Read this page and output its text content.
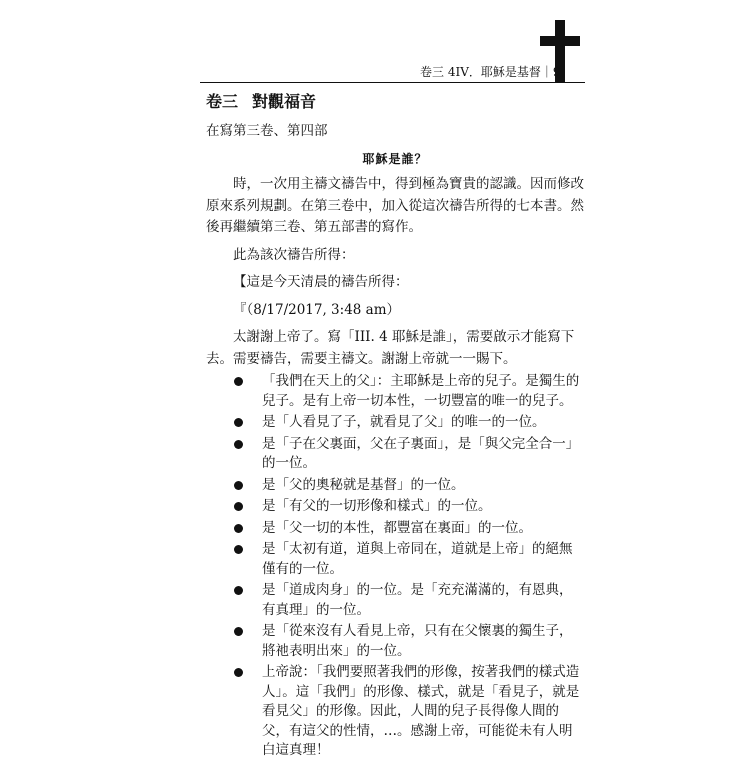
卷三 4IV．耶穌是基督｜9
卷三 對觀福音
在寫第三卷、第四部
耶穌是誰？

時，一次用主禱文禱告中，得到極為寶貴的認識。因而修改原來系列規劃。在第三卷中，加入從這次禱告所得的七本書。然後再繼續第三卷、第五部書的寫作。

此為該次禱告所得：

【這是今天清晨的禱告所得：

『（8/17/2017, 3:48 am）

太謝謝上帝了。寫「III. 4 耶穌是誰」，需要啟示才能寫下去。需要禱告，需要主禱文。謝謝上帝就一一賜下。

「我們在天上的父」：主耶穌是上帝的兒子。是獨生的兒子。是有上帝一切本性，一切豐富的唯一的兒子。
是「人看見了子，就看見了父」的唯一的一位。
是「子在父裏面，父在子裏面」，是「與父完全合一」的一位。
是「父的奧秘就是基督」的一位。
是「有父的一切形像和樣式」的一位。
是「父一切的本性，都豐富在裏面」的一位。
是「太初有道，道與上帝同在，道就是上帝」的絕無僅有的一位。
是「道成肉身」的一位。是「充充滿滿的，有恩典，有真理」的一位。
是「從來沒有人看見上帝，只有在父懷裏的獨生子，將祂表明出來」的一位。
上帝說：「我們要照著我們的形像，按著我們的樣式造人」。這「我們」的形像、樣式，就是「看見子，就是看見父」的形像。因此，人間的兒子長得像人間的父，有這父的性情，…。感謝上帝，可能從未有人明白這真理！
